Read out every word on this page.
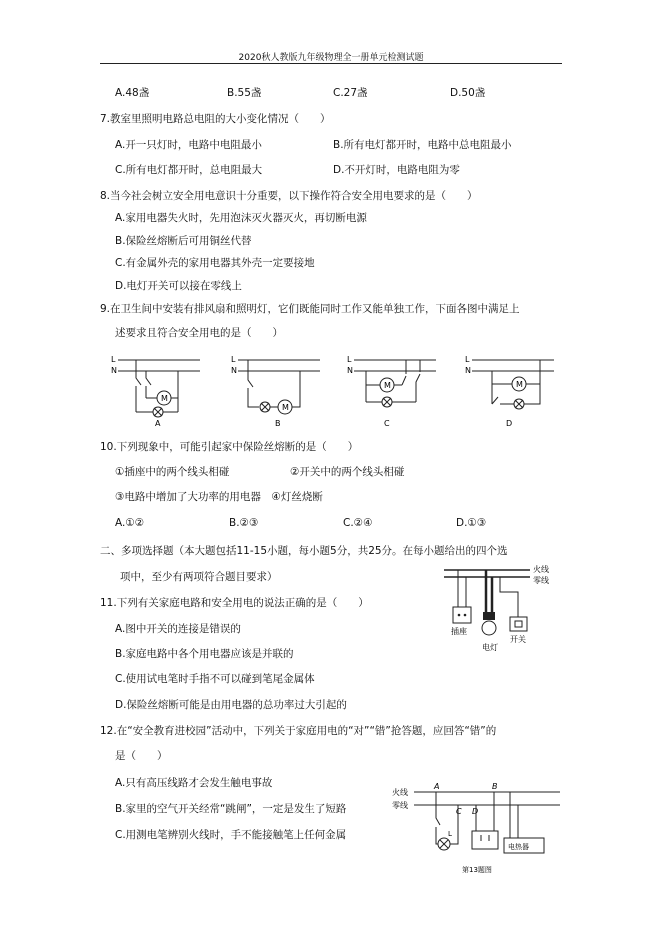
2020秋人教版九年级物理全一册单元检测试题
A.48盏	B.55盏	C.27盏	D.50盏
7.教室里照明电路总电阻的大小变化情况（　　）
A.开一只灯时，电路中电阻最小	B.所有电灯都开时，电路中总电阻最小
C.所有电灯都开时，总电阻最大	D.不开灯时，电路电阻为零
8.当今社会树立安全用电意识十分重要，以下操作符合安全用电要求的是（　　）
A.家用电器失火时，先用泡沫灭火器灭火，再切断电源
B.保险丝熔断后可用铜丝代替
C.有金属外壳的家用电器其外壳一定要接地
D.电灯开关可以接在零线上
9.在卫生间中安装有排风扇和照明灯，它们既能同时工作又能单独工作，下面各图中满足上
述要求且符合安全用电的是（　　）
L
N
M
A
L
N
M
B
L
N
M
C
L
N
M
D
10.下列现象中，可能引起家中保险丝熔断的是（　　）
①插座中的两个线头相碰	②开关中的两个线头相碰
③电路中增加了大功率的用电器　④灯丝烧断
A.①②	B.②③	C.②④	D.①③
二、多项选择题（本大题包括11-15小题，每小题5分，共25分。在每小题给出的四个选
项中，至少有两项符合题目要求）
11.下列有关家庭电路和安全用电的说法正确的是（　　）
A.图中开关的连接是错误的
B.家庭电路中各个用电器应该是并联的
C.使用试电笔时手指不可以碰到笔尾金属体
D.保险丝熔断可能是由用电器的总功率过大引起的
火线
零线
插座
电灯
开关
12.在“安全教育进校园”活动中，下列关于家庭用电的“对”“错”抢答题，应回答“错”的
是（　　）
A.只有高压线路才会发生触电事故
B.家里的空气开关经常“跳闸”，一定是发生了短路
C.用测电笔辨别火线时，手不能接触笔上任何金属
火线
零线
A	B
C D
L
电热器
第13题图
